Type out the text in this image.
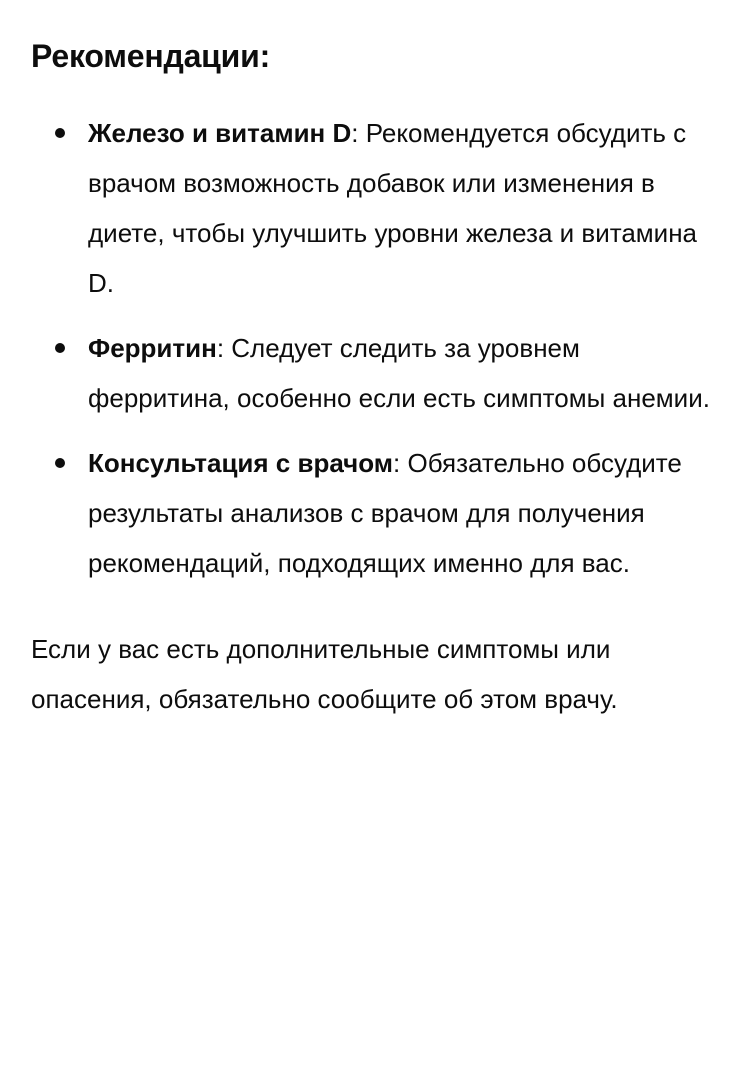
Рекомендации:
Железо и витамин D: Рекомендуется обсудить с врачом возможность добавок или изменения в диете, чтобы улучшить уровни железа и витамина D.
Ферритин: Следует следить за уровнем ферритина, особенно если есть симптомы анемии.
Консультация с врачом: Обязательно обсудите результаты анализов с врачом для получения рекомендаций, подходящих именно для вас.

Если у вас есть дополнительные симптомы или опасения, обязательно сообщите об этом врачу.
